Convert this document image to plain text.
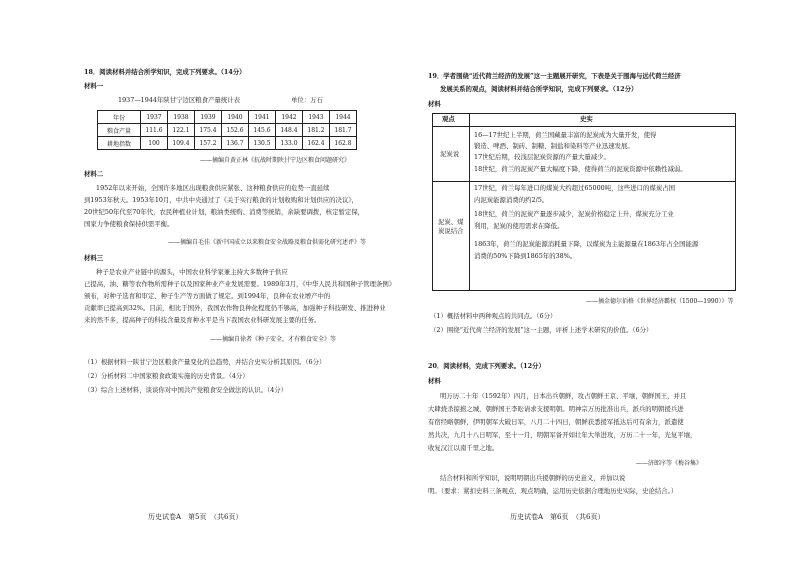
18．阅读材料并结合所学知识，完成下列要求。（14分）
材料一
1937—1944年陕甘宁边区粮食产量统计表	单位：万石
年份	1937	1938	1939	1940	1941	1942	1943	1944
粮食产量	111.6	122.1	175.4	152.6	145.6	148.4	181.2	181.7
耕地指数	100	109.4	157.2	136.7	130.5	133.0	162.4	162.8
——摘编自黄正林《抗战时期陕甘宁边区粮食问题研究》
材料二
1952年以来开始，全国许多地区出现粮食供应紧张、这种粮食供应的危势一直延续
到1953年秋天。1953年10月，中共中央通过了《关于实行粮食的计划收购和计划供应的决议》，
20世纪50年代至70年代，农民种植业计划，粮油类统购、消费等统销，余缺要调拨，核定暂定保，
国家力争使粮食保持供需平衡。
——摘编自毛佳《新中国成立以来粮食安全战略及粮食供需化研究述评》等
材料三
种子是农业产业链中的源头，中国农业科学家兼主持大多数种子供应
已提高，油、糖等农作物所需种子以及国家种业产业发展需要。1989年3月，《中华人民共和国种子管理条例》
颁布，对种子选育和审定、种子生产等方面做了规定。到1994年，良种在农业增产中的
贡献率已提高到32%。目前，相比于国外，我国农作物良种化程度仍不够高，加强种子科技研发、推进种业
来的然不多，提高种子的科技含量及育种水平是当下我国农业科研发展主要的任务。
——摘编自徐者《种子安全，才有粮食安全》等
（1）根据材料一陕甘宁边区粮食产量变化的总趋势，并结合史实分析其原因。（6分）
（2）分析材料二中国家粮食政策实施的历史背景。（4分）
（3）综合上述材料，谈谈你对中国共产党粮食安全做法的认识。（4分）
历史试卷A　第5页　（共6页）
19．学者围绕“近代荷兰经济的发展”这一主题展开研究，下表是关于围海与远代荷兰经济
发展关系的观点，阅读材料并结合所学知识，完成下列要求。（12分）
材料
观点	史实
泥炭说
16—17世纪上半期，荷兰国藏量丰富的泥炭成为大量开发，使得
锻造、啤酒、制砖、制糖、制盐和染料等产业迅速发展。
17世纪后期，较浅层泥炭资源的产量大量减少。
18世纪，荷兰的泥炭产量大幅度下降，使得荷兰的泥炭资源中依赖性减弱。
泥炭、煤炭说结合
17世纪，荷兰每年进口的煤炭大约超过65000吨，这些进口的煤炭占国
内泥炭能源消费的约2/5。
18世纪，荷兰的泥炭产量逐步减少，泥炭价格稳定上升，煤炭充分工业
利用，泥炭的使用需求在降低。
1863年，荷兰的泥炭能源消耗量下降，以煤炭为主能源量在1863年占全国能源
消费的50%下降到1865年的38%。
——摘金德尔佰格《世界经济霸权（1500—1990）》等
（1）概括材料中两种观点的共同点。（6分）
（2）围绕“近代荷兰经济的发展”这一主题，评析上述学术研究的价值。（6分）
20．阅读材料，完成下列要求。（12分）
材料
明万历二十年（1592年）四月，日本出兵朝鲜，攻占朝鲜王京、平壤，朝鲜国王，并且
大肆烧杀掠掳之城，朝鲜国王李昖请求支援明朝。明神宗万历批准出兵，派兵的明朝援兵进
有宿经略朝鲜，伊明朝军大破日军，八月二十四日，朝鲜获悉援军抵达后可有余力，派遣使
然共决，九月十八日明军，至十一月，明朝军备开如壮年大举进攻，万历二十一年，光复平壤，
收复汉江以南千里之地。
——济郎序等《梅谷集》
结合材料和所学知识，说明明朝出兵援朝鲜的历史意义，并加以说
明。（要求：紧扣史料三条观点，观点明确，运用历史依据合理地历史实际，史论结合。）
历史试卷A　第6页　（共6页）
